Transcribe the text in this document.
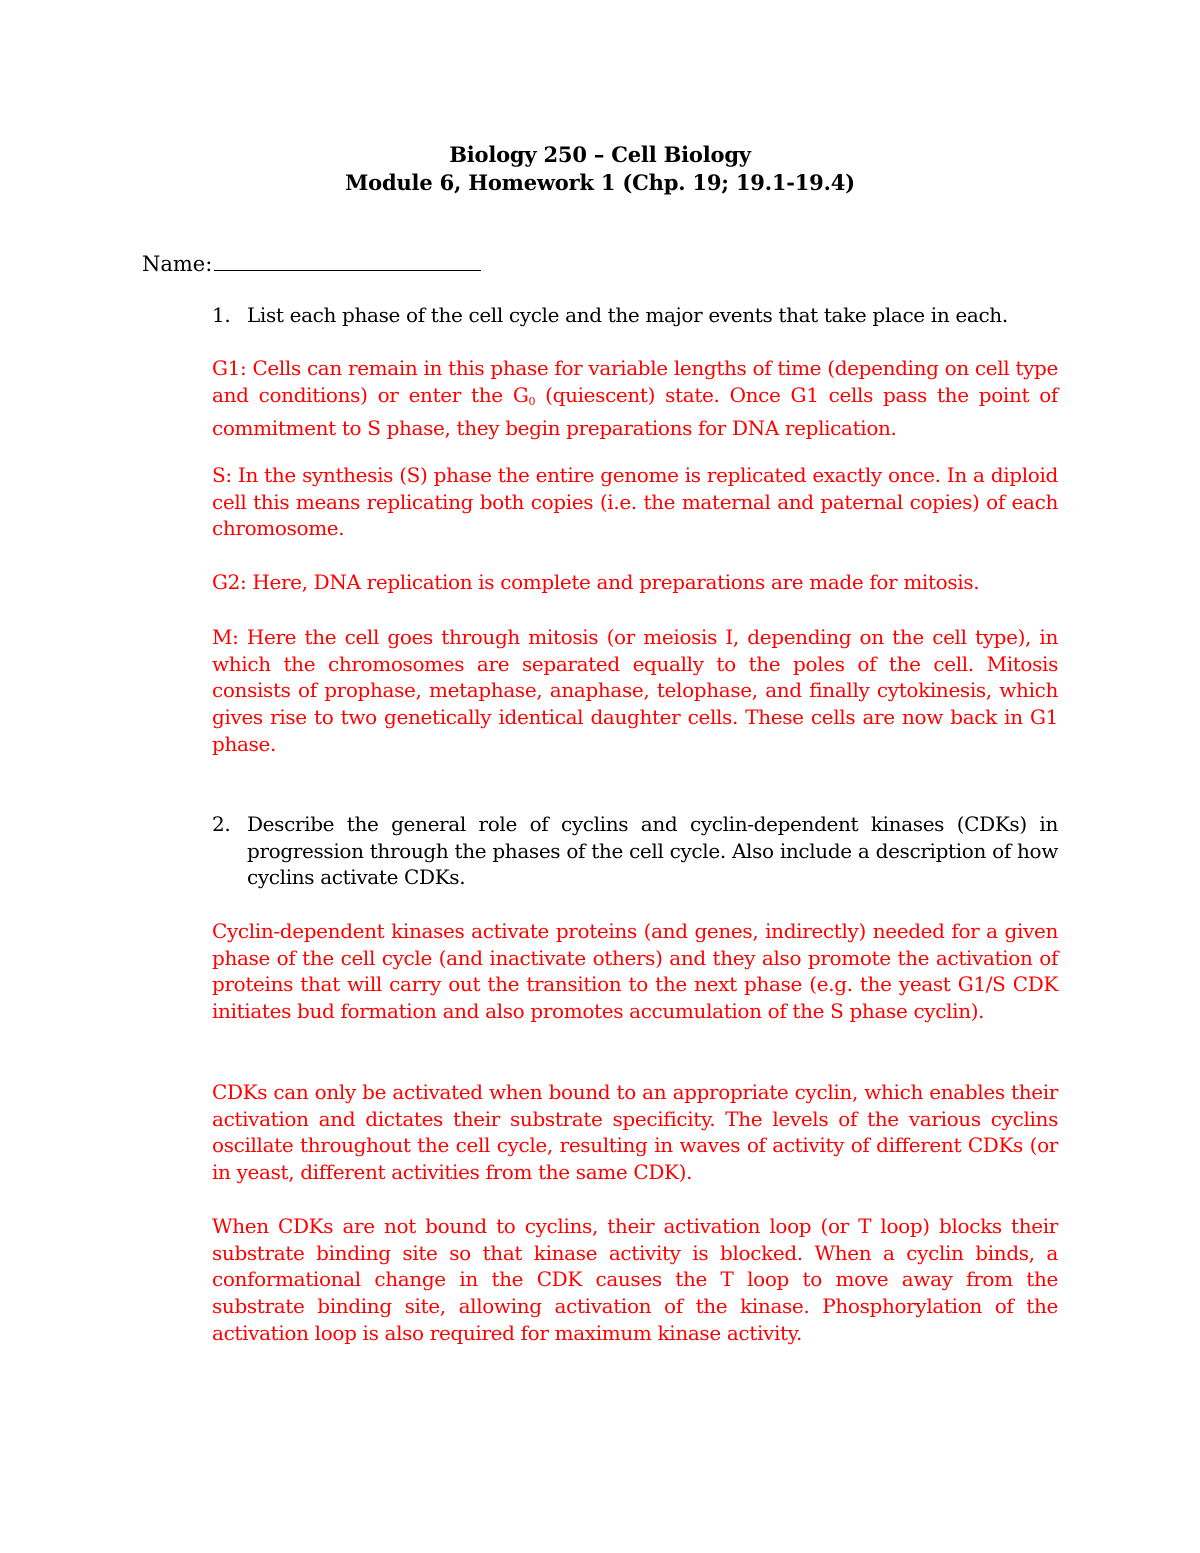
Biology 250 – Cell Biology
Module 6, Homework 1 (Chp. 19; 19.1-19.4)
Name:
1. List each phase of the cell cycle and the major events that take place in each.

G1: Cells can remain in this phase for variable lengths of time (depending on cell type and conditions) or enter the G0 (quiescent) state. Once G1 cells pass the point of commitment to S phase, they begin preparations for DNA replication.

S: In the synthesis (S) phase the entire genome is replicated exactly once. In a diploid cell this means replicating both copies (i.e. the maternal and paternal copies) of each chromosome.

G2: Here, DNA replication is complete and preparations are made for mitosis.

M: Here the cell goes through mitosis (or meiosis I, depending on the cell type), in which the chromosomes are separated equally to the poles of the cell. Mitosis consists of prophase, metaphase, anaphase, telophase, and finally cytokinesis, which gives rise to two genetically identical daughter cells. These cells are now back in G1 phase.

2. Describe the general role of cyclins and cyclin-dependent kinases (CDKs) in progression through the phases of the cell cycle. Also include a description of how cyclins activate CDKs.

Cyclin-dependent kinases activate proteins (and genes, indirectly) needed for a given phase of the cell cycle (and inactivate others) and they also promote the activation of proteins that will carry out the transition to the next phase (e.g. the yeast G1/S CDK initiates bud formation and also promotes accumulation of the S phase cyclin).

CDKs can only be activated when bound to an appropriate cyclin, which enables their activation and dictates their substrate specificity. The levels of the various cyclins oscillate throughout the cell cycle, resulting in waves of activity of different CDKs (or in yeast, different activities from the same CDK).

When CDKs are not bound to cyclins, their activation loop (or T loop) blocks their substrate binding site so that kinase activity is blocked. When a cyclin binds, a conformational change in the CDK causes the T loop to move away from the substrate binding site, allowing activation of the kinase. Phosphorylation of the activation loop is also required for maximum kinase activity.
